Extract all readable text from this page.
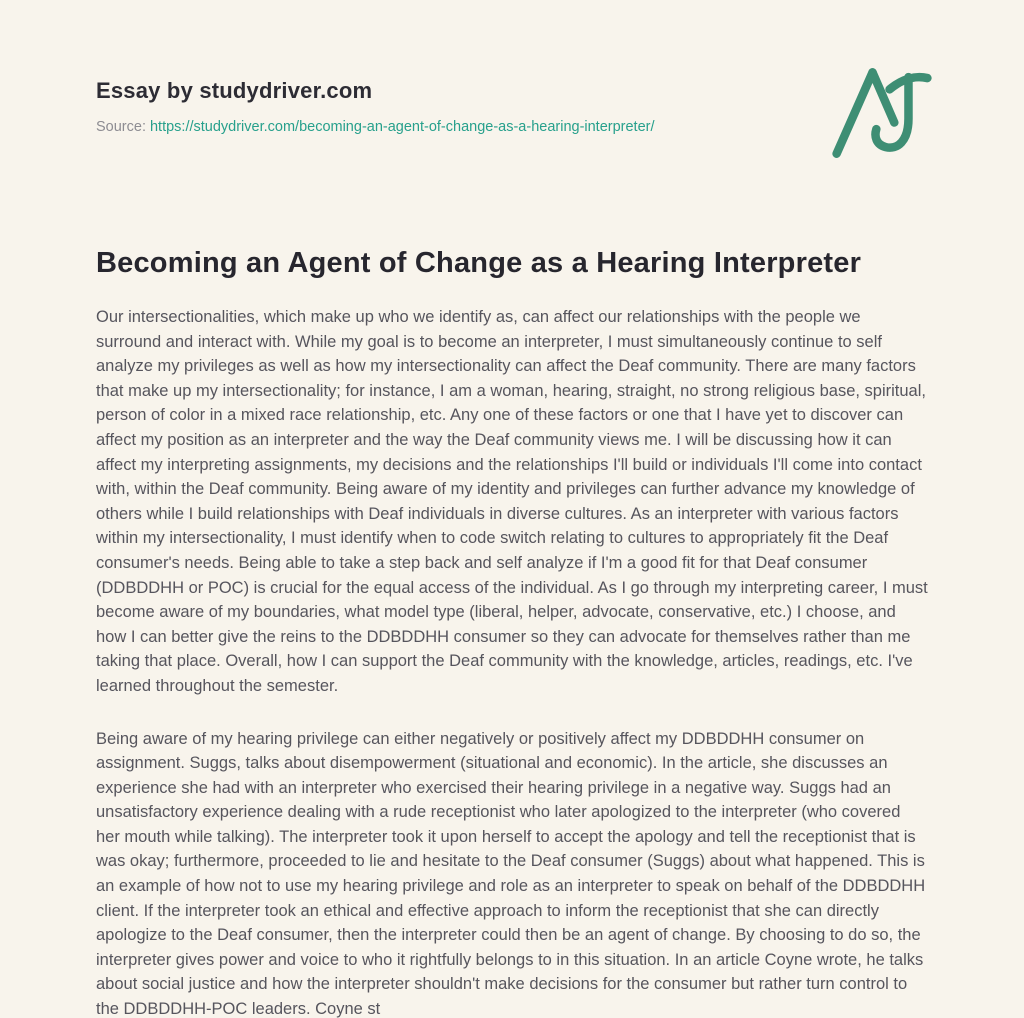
Essay by studydriver.com

Source: https://studydriver.com/becoming-an-agent-of-change-as-a-hearing-interpreter/

Becoming an Agent of Change as a Hearing Interpreter

Our intersectionalities, which make up who we identify as, can affect our relationships with the people we surround and interact with. While my goal is to become an interpreter, I must simultaneously continue to self analyze my privileges as well as how my intersectionality can affect the Deaf community. There are many factors that make up my intersectionality; for instance, I am a woman, hearing, straight, no strong religious base, spiritual, person of color in a mixed race relationship, etc. Any one of these factors or one that I have yet to discover can affect my position as an interpreter and the way the Deaf community views me. I will be discussing how it can affect my interpreting assignments, my decisions and the relationships I'll build or individuals I'll come into contact with, within the Deaf community. Being aware of my identity and privileges can further advance my knowledge of others while I build relationships with Deaf individuals in diverse cultures. As an interpreter with various factors within my intersectionality, I must identify when to code switch relating to cultures to appropriately fit the Deaf consumer's needs. Being able to take a step back and self analyze if I'm a good fit for that Deaf consumer (DDBDDHH or POC) is crucial for the equal access of the individual. As I go through my interpreting career, I must become aware of my boundaries, what model type (liberal, helper, advocate, conservative, etc.) I choose, and how I can better give the reins to the DDBDDHH consumer so they can advocate for themselves rather than me taking that place. Overall, how I can support the Deaf community with the knowledge, articles, readings, etc. I've learned throughout the semester.

Being aware of my hearing privilege can either negatively or positively affect my DDBDDHH consumer on assignment. Suggs, talks about disempowerment (situational and economic). In the article, she discusses an experience she had with an interpreter who exercised their hearing privilege in a negative way. Suggs had an unsatisfactory experience dealing with a rude receptionist who later apologized to the interpreter (who covered her mouth while talking). The interpreter took it upon herself to accept the apology and tell the receptionist that is was okay; furthermore, proceeded to lie and hesitate to the Deaf consumer (Suggs) about what happened. This is an example of how not to use my hearing privilege and role as an interpreter to speak on behalf of the DDBDDHH client. If the interpreter took an ethical and effective approach to inform the receptionist that she can directly apologize to the Deaf consumer, then the interpreter could then be an agent of change. By choosing to do so, the interpreter gives power and voice to who it rightfully belongs to in this situation. In an article Coyne wrote, he talks about social justice and how the interpreter shouldn't make decisions for the consumer but rather turn control to the DDBDDHH-POC leaders. Coyne st
